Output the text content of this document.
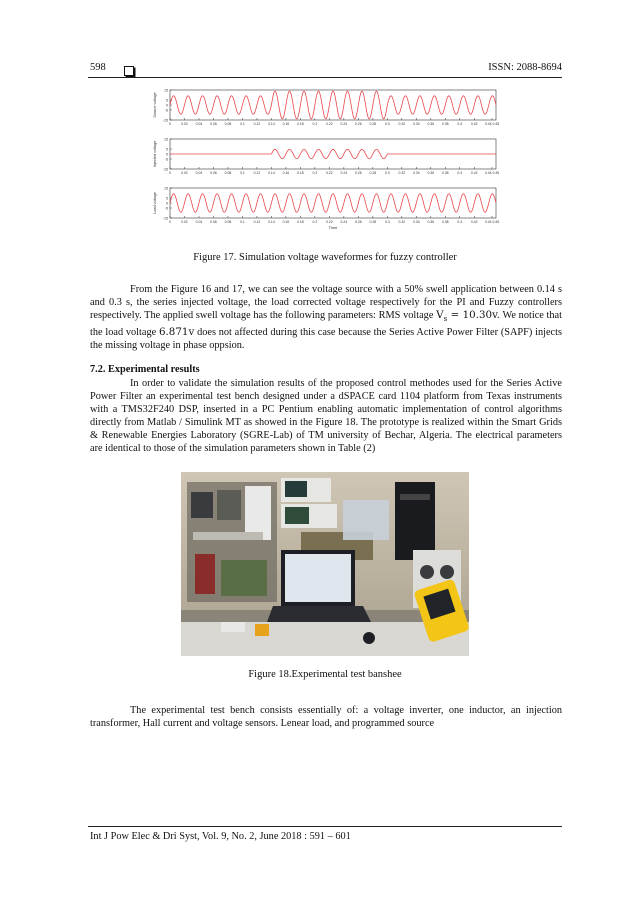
598	ISSN: 2088-8694
15
5
0
-5
-15
Source voltage
0	0.02 0.04 0.06 0.08	0.1	0.12 0.14 0.16 0.18	0.2	0.22 0.24 0.26 0.28	0.3	0.32 0.34 0.36 0.38	0.4	0.42 0.44 0.45
15
5
0
-5
-15
Injected voltage
0	0.02 0.04 0.06 0.08	0.1	0.12 0.14 0.16 0.18	0.2	0.22 0.24 0.26 0.28	0.3	0.32 0.34 0.36 0.38	0.4	0.42 0.44 0.45
15
5
0
-5
-15
Load voltage
0	0.02 0.04 0.06 0.08	0.1	0.12 0.14 0.16 0.18	0.2	0.22 0.24 0.26 0.28	0.3	0.32 0.34 0.36 0.38	0.4	0.42 0.44 0.45
Time
Figure 17. Simulation voltage waveformes for fuzzy controller

From the Figure 16 and 17, we can see the voltage source with a 50% swell application between 0.14 s and 0.3 s, the series injected voltage, the load corrected voltage respectively for the PI and Fuzzy controllers respectively. The applied swell voltage has the following parameters: RMS voltage $V_s = 10.30v$. We notice that the load voltage 6.871v does not affected during this case because the Series Active Power Filter (SAPF) injects the missing voltage in phase oppsion.

7.2. Experimental results

In order to validate the simulation results of the proposed control methodes used for the Series Active Power Filter an experimental test bench designed under a dSPACE card 1104 platform from Texas instruments with a TMS32F240 DSP, inserted in a PC Pentium enabling automatic implementation of control algorithms directly from Matlab / Simulink MT as showed in the Figure 18. The prototype is realized within the Smart Grids & Renewable Energies Laboratory (SGRE-Lab) of TM university of Bechar, Algeria. The electrical parameters are identical to those of the simulation parameters shown in Table (2)

Figure 18.Experimental test banshee

The experimental test bench consists essentially of: a voltage inverter, one inductor, an injection transformer, Hall current and voltage sensors. Lenear load, and programmed source

Int J Pow Elec & Dri Syst, Vol. 9, No. 2, June 2018 : 591 – 601
